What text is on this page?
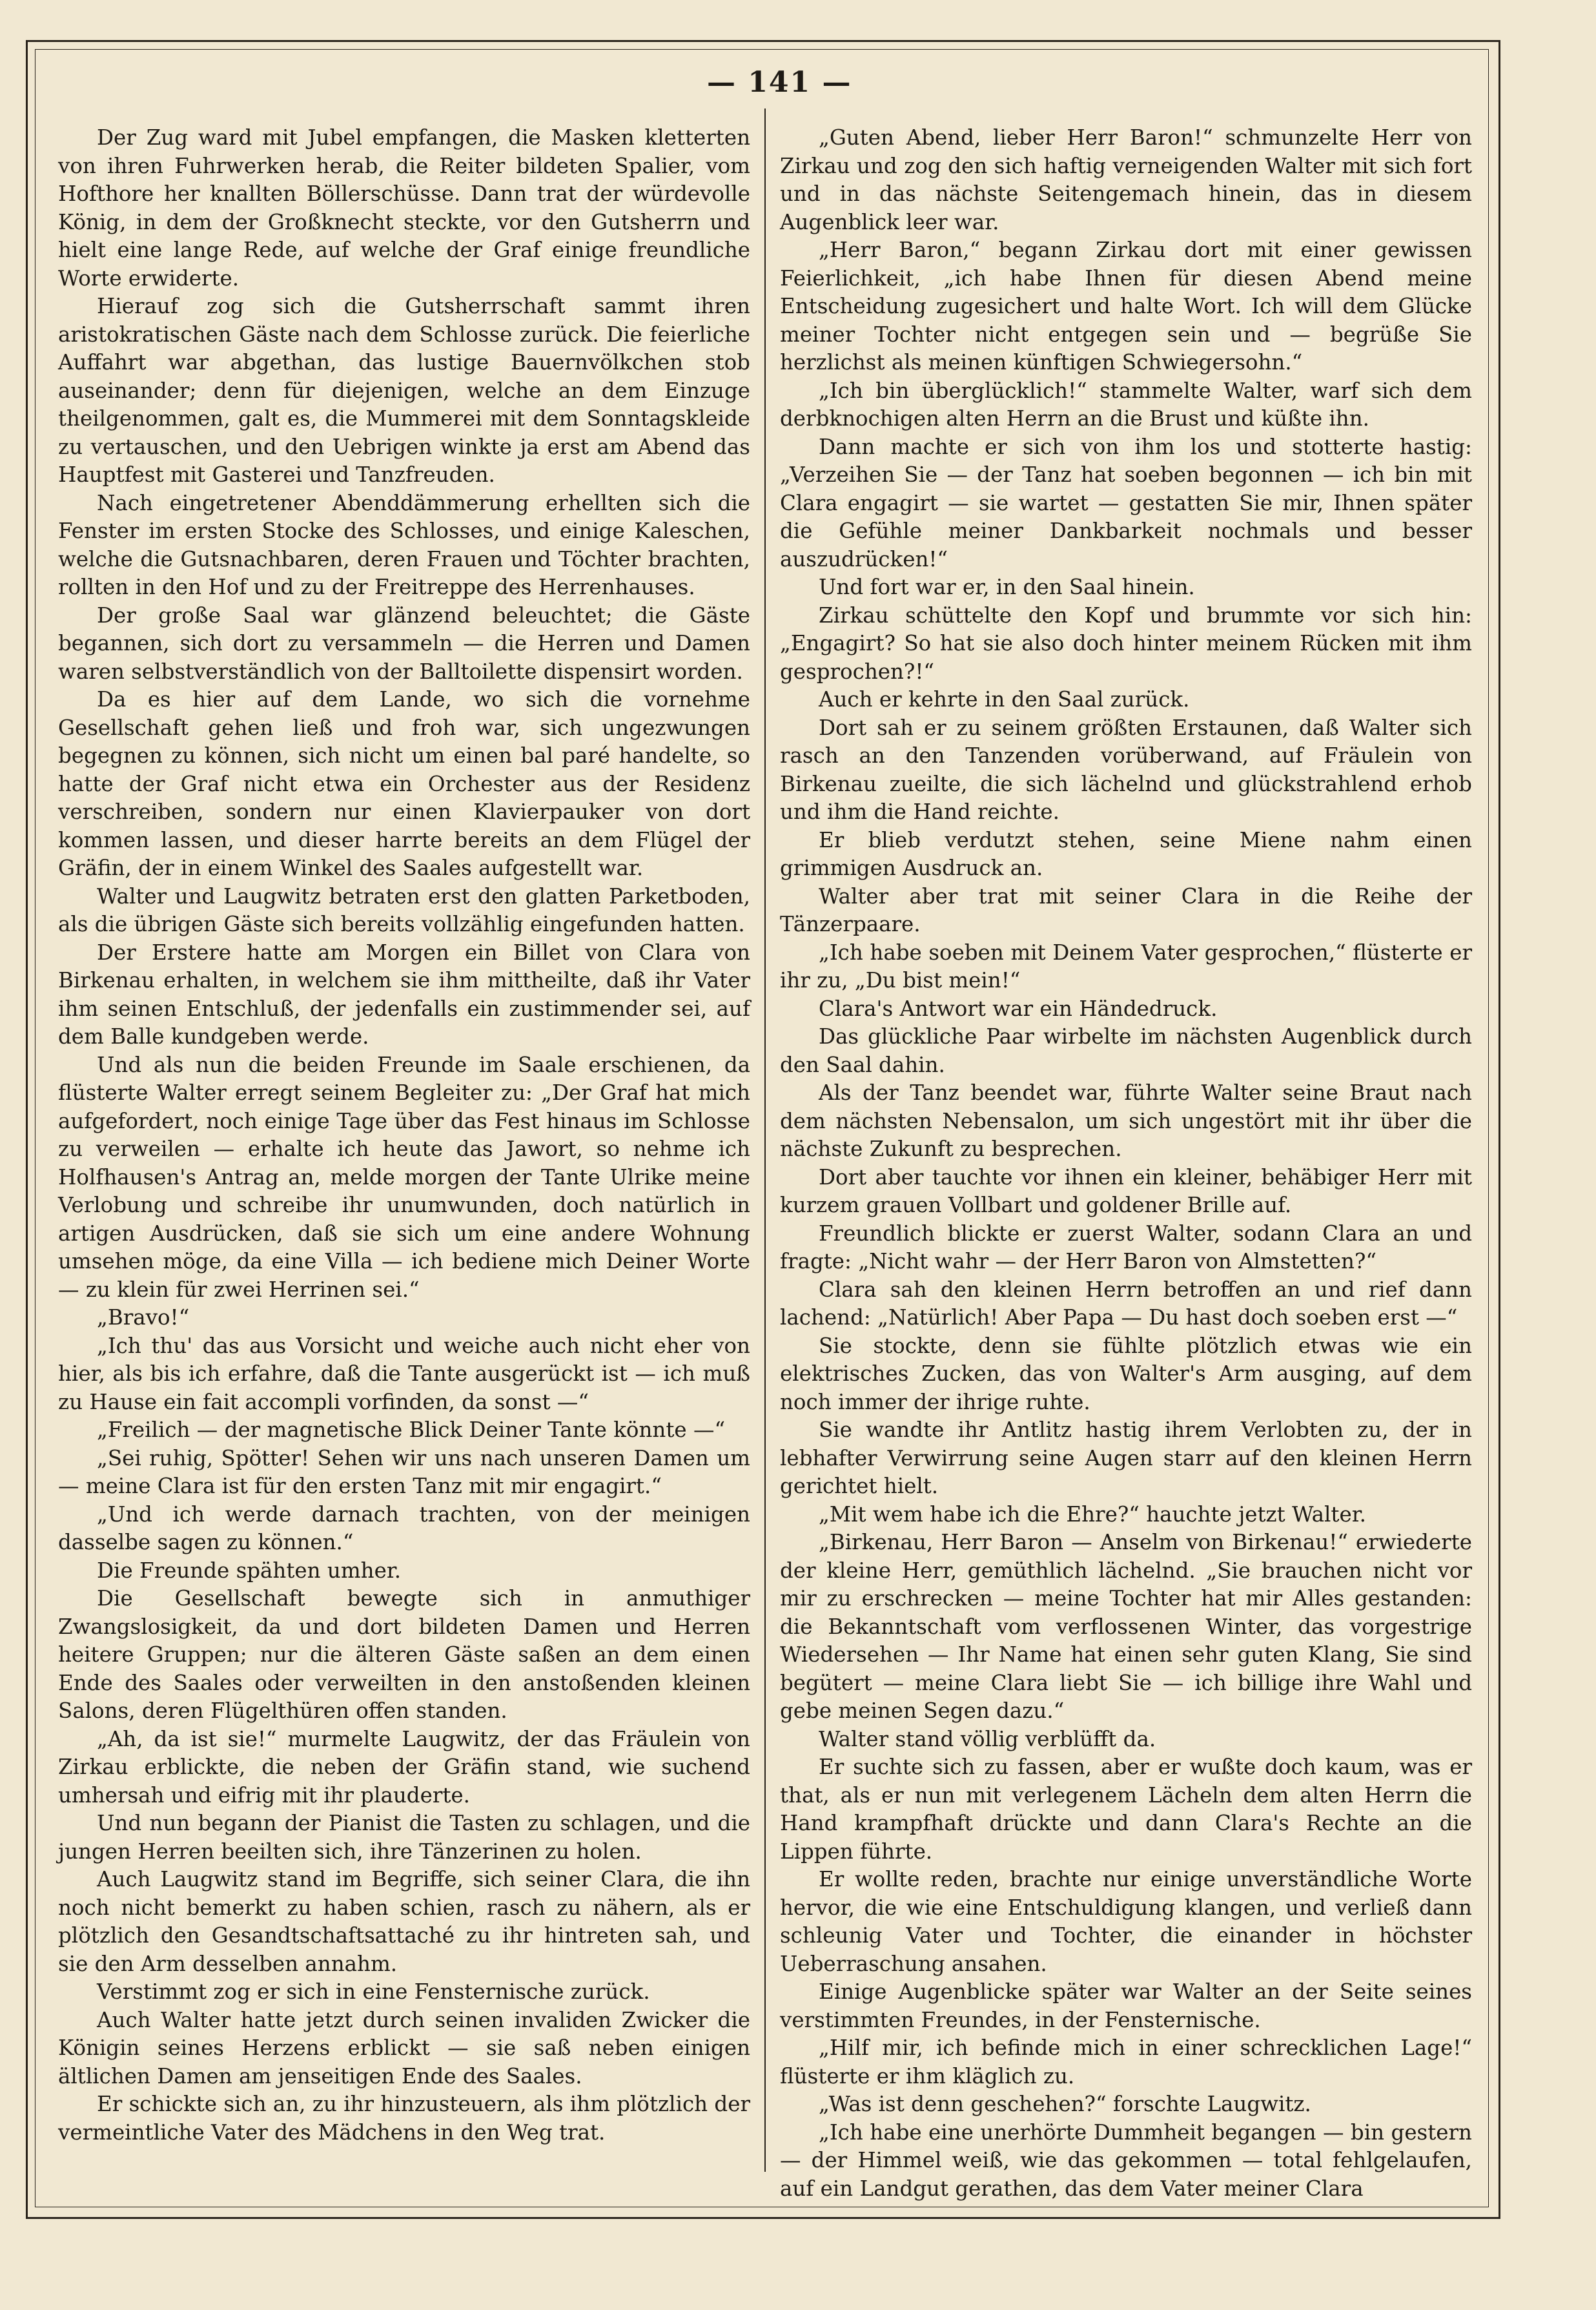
— 141 —

Der Zug ward mit Jubel empfangen, die Masken kletterten von ihren Fuhrwerken herab, die Reiter bildeten Spalier, vom Hofthore her knallten Böllerschüsse. Dann trat der würdevolle König, in dem der Großknecht steckte, vor den Gutsherrn und hielt eine lange Rede, auf welche der Graf einige freundliche Worte erwiderte.

Hierauf zog sich die Gutsherrschaft sammt ihren aristokratischen Gäste nach dem Schlosse zurück. Die feierliche Auffahrt war abgethan, das lustige Bauernvölkchen stob auseinander; denn für diejenigen, welche an dem Einzuge theilgenommen, galt es, die Mummerei mit dem Sonntagskleide zu vertauschen, und den Uebrigen winkte ja erst am Abend das Hauptfest mit Gasterei und Tanzfreuden.

Nach eingetretener Abenddämmerung erhellten sich die Fenster im ersten Stocke des Schlosses, und einige Kaleschen, welche die Gutsnachbaren, deren Frauen und Töchter brachten, rollten in den Hof und zu der Freitreppe des Herrenhauses.

Der große Saal war glänzend beleuchtet; die Gäste begannen, sich dort zu versammeln — die Herren und Damen waren selbstverständlich von der Balltoilette dispensirt worden.

Da es hier auf dem Lande, wo sich die vornehme Gesellschaft gehen ließ und froh war, sich ungezwungen begegnen zu können, sich nicht um einen bal paré handelte, so hatte der Graf nicht etwa ein Orchester aus der Residenz verschreiben, sondern nur einen Klavierpauker von dort kommen lassen, und dieser harrte bereits an dem Flügel der Gräfin, der in einem Winkel des Saales aufgestellt war.

Walter und Laugwitz betraten erst den glatten Parketboden, als die übrigen Gäste sich bereits vollzählig eingefunden hatten.

Der Erstere hatte am Morgen ein Billet von Clara von Birkenau erhalten, in welchem sie ihm mittheilte, daß ihr Vater ihm seinen Entschluß, der jedenfalls ein zustimmender sei, auf dem Balle kundgeben werde.

Und als nun die beiden Freunde im Saale erschienen, da flüsterte Walter erregt seinem Begleiter zu: „Der Graf hat mich aufgefordert, noch einige Tage über das Fest hinaus im Schlosse zu verweilen — erhalte ich heute das Jawort, so nehme ich Holfhausen's Antrag an, melde morgen der Tante Ulrike meine Verlobung und schreibe ihr unumwunden, doch natürlich in artigen Ausdrücken, daß sie sich um eine andere Wohnung umsehen möge, da eine Villa — ich bediene mich Deiner Worte — zu klein für zwei Herrinen sei.“

„Bravo!“

„Ich thu' das aus Vorsicht und weiche auch nicht eher von hier, als bis ich erfahre, daß die Tante ausgerückt ist — ich muß zu Hause ein fait accompli vorfinden, da sonst —“

„Freilich — der magnetische Blick Deiner Tante könnte —“

„Sei ruhig, Spötter! Sehen wir uns nach unseren Damen um — meine Clara ist für den ersten Tanz mit mir engagirt.“

„Und ich werde darnach trachten, von der meinigen dasselbe sagen zu können.“

Die Freunde spähten umher.

Die Gesellschaft bewegte sich in anmuthiger Zwangslosigkeit, da und dort bildeten Damen und Herren heitere Gruppen; nur die älteren Gäste saßen an dem einen Ende des Saales oder verweilten in den anstoßenden kleinen Salons, deren Flügelthüren offen standen.

„Ah, da ist sie!“ murmelte Laugwitz, der das Fräulein von Zirkau erblickte, die neben der Gräfin stand, wie suchend umhersah und eifrig mit ihr plauderte.

Und nun begann der Pianist die Tasten zu schlagen, und die jungen Herren beeilten sich, ihre Tänzerinen zu holen.

Auch Laugwitz stand im Begriffe, sich seiner Clara, die ihn noch nicht bemerkt zu haben schien, rasch zu nähern, als er plötzlich den Gesandtschaftsattaché zu ihr hintreten sah, und sie den Arm desselben annahm.

Verstimmt zog er sich in eine Fensternische zurück.

Auch Walter hatte jetzt durch seinen invaliden Zwicker die Königin seines Herzens erblickt — sie saß neben einigen ältlichen Damen am jenseitigen Ende des Saales.

Er schickte sich an, zu ihr hinzusteuern, als ihm plötzlich der vermeintliche Vater des Mädchens in den Weg trat.

„Guten Abend, lieber Herr Baron!“ schmunzelte Herr von Zirkau und zog den sich haftig verneigenden Walter mit sich fort und in das nächste Seitengemach hinein, das in diesem Augenblick leer war.

„Herr Baron,“ begann Zirkau dort mit einer gewissen Feierlichkeit, „ich habe Ihnen für diesen Abend meine Entscheidung zugesichert und halte Wort. Ich will dem Glücke meiner Tochter nicht entgegen sein und — begrüße Sie herzlichst als meinen künftigen Schwiegersohn.“

„Ich bin überglücklich!“ stammelte Walter, warf sich dem derbknochigen alten Herrn an die Brust und küßte ihn.

Dann machte er sich von ihm los und stotterte hastig: „Verzeihen Sie — der Tanz hat soeben begonnen — ich bin mit Clara engagirt — sie wartet — gestatten Sie mir, Ihnen später die Gefühle meiner Dankbarkeit nochmals und besser auszudrücken!“

Und fort war er, in den Saal hinein.

Zirkau schüttelte den Kopf und brummte vor sich hin: „Engagirt? So hat sie also doch hinter meinem Rücken mit ihm gesprochen?!“

Auch er kehrte in den Saal zurück.

Dort sah er zu seinem größten Erstaunen, daß Walter sich rasch an den Tanzenden vorüberwand, auf Fräulein von Birkenau zueilte, die sich lächelnd und glückstrahlend erhob und ihm die Hand reichte.

Er blieb verdutzt stehen, seine Miene nahm einen grimmigen Ausdruck an.

Walter aber trat mit seiner Clara in die Reihe der Tänzerpaare.

„Ich habe soeben mit Deinem Vater gesprochen,“ flüsterte er ihr zu, „Du bist mein!“

Clara's Antwort war ein Händedruck.

Das glückliche Paar wirbelte im nächsten Augenblick durch den Saal dahin.

Als der Tanz beendet war, führte Walter seine Braut nach dem nächsten Nebensalon, um sich ungestört mit ihr über die nächste Zukunft zu besprechen.

Dort aber tauchte vor ihnen ein kleiner, behäbiger Herr mit kurzem grauen Vollbart und goldener Brille auf.

Freundlich blickte er zuerst Walter, sodann Clara an und fragte: „Nicht wahr — der Herr Baron von Almstetten?“

Clara sah den kleinen Herrn betroffen an und rief dann lachend: „Natürlich! Aber Papa — Du hast doch soeben erst —“

Sie stockte, denn sie fühlte plötzlich etwas wie ein elektrisches Zucken, das von Walter's Arm ausging, auf dem noch immer der ihrige ruhte.

Sie wandte ihr Antlitz hastig ihrem Verlobten zu, der in lebhafter Verwirrung seine Augen starr auf den kleinen Herrn gerichtet hielt.

„Mit wem habe ich die Ehre?“ hauchte jetzt Walter.

„Birkenau, Herr Baron — Anselm von Birkenau!“ erwiederte der kleine Herr, gemüthlich lächelnd. „Sie brauchen nicht vor mir zu erschrecken — meine Tochter hat mir Alles gestanden: die Bekanntschaft vom verflossenen Winter, das vorgestrige Wiedersehen — Ihr Name hat einen sehr guten Klang, Sie sind begütert — meine Clara liebt Sie — ich billige ihre Wahl und gebe meinen Segen dazu.“

Walter stand völlig verblüfft da.

Er suchte sich zu fassen, aber er wußte doch kaum, was er that, als er nun mit verlegenem Lächeln dem alten Herrn die Hand krampfhaft drückte und dann Clara's Rechte an die Lippen führte.

Er wollte reden, brachte nur einige unverständliche Worte hervor, die wie eine Entschuldigung klangen, und verließ dann schleunig Vater und Tochter, die einander in höchster Ueberraschung ansahen.

Einige Augenblicke später war Walter an der Seite seines verstimmten Freundes, in der Fensternische.

„Hilf mir, ich befinde mich in einer schrecklichen Lage!“ flüsterte er ihm kläglich zu.

„Was ist denn geschehen?“ forschte Laugwitz.

„Ich habe eine unerhörte Dummheit begangen — bin gestern — der Himmel weiß, wie das gekommen — total fehlgelaufen, auf ein Landgut gerathen, das dem Vater meiner Clara
